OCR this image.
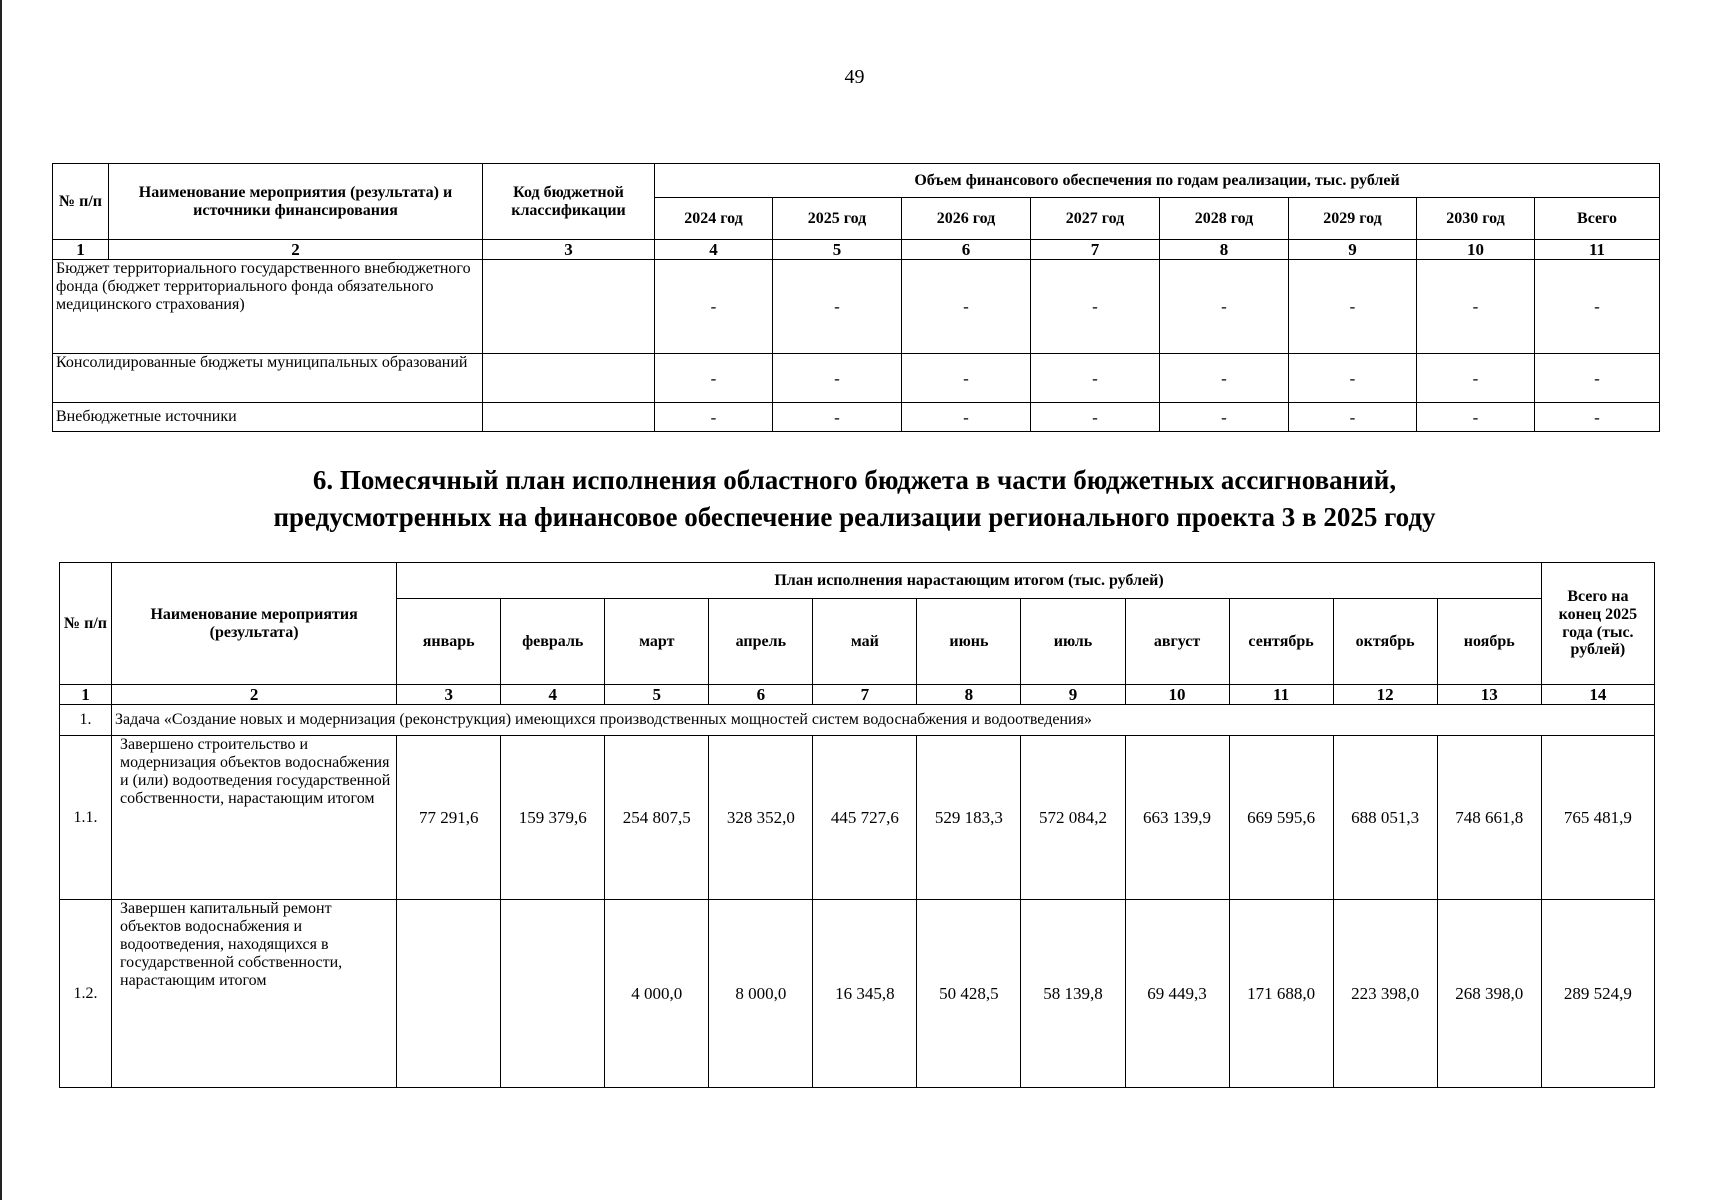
49
№ п/п	Наименование мероприятия (результата) и источники финансирования	Код бюджетной классификации	Объем финансового обеспечения по годам реализации, тыс. рублей							
			2024 год	2025 год	2026 год	2027 год	2028 год	2029 год	2030 год	Всего
1	2	3	4	5	6	7	8	9	10	11
Бюджет территориального государственного внебюджетного фонда (бюджет территориального фонда обязательного медицинского страхования)			-	-	-	-	-	-	-	-
Консолидированные бюджеты муниципальных образований			-	-	-	-	-	-	-	-
Внебюджетные источники			-	-	-	-	-	-	-	-
6. Помесячный план исполнения областного бюджета в части бюджетных ассигнований,
предусмотренных на финансовое обеспечение реализации регионального проекта 3 в 2025 году
№ п/п	Наименование мероприятия (результата)	План исполнения нарастающим итогом (тыс. рублей)											Всего на конец 2025 года (тыс. рублей)
		январь	февраль	март	апрель	май	июнь	июль	август	сентябрь	октябрь	ноябрь	
1	2	3	4	5	6	7	8	9	10	11	12	13	14
1.	Задача «Создание новых и модернизация (реконструкция) имеющихся производственных мощностей систем водоснабжения и водоотведения»												
1.1.	Завершено строительство и модернизация объектов водоснабжения и (или) водоотведения государственной собственности, нарастающим итогом	77 291,6	159 379,6	254 807,5	328 352,0	445 727,6	529 183,3	572 084,2	663 139,9	669 595,6	688 051,3	748 661,8	765 481,9
1.2.	Завершен капитальный ремонт объектов водоснабжения и водоотведения, находящихся в государственной собственности, нарастающим итогом			4 000,0	8 000,0	16 345,8	50 428,5	58 139,8	69 449,3	171 688,0	223 398,0	268 398,0	289 524,9
